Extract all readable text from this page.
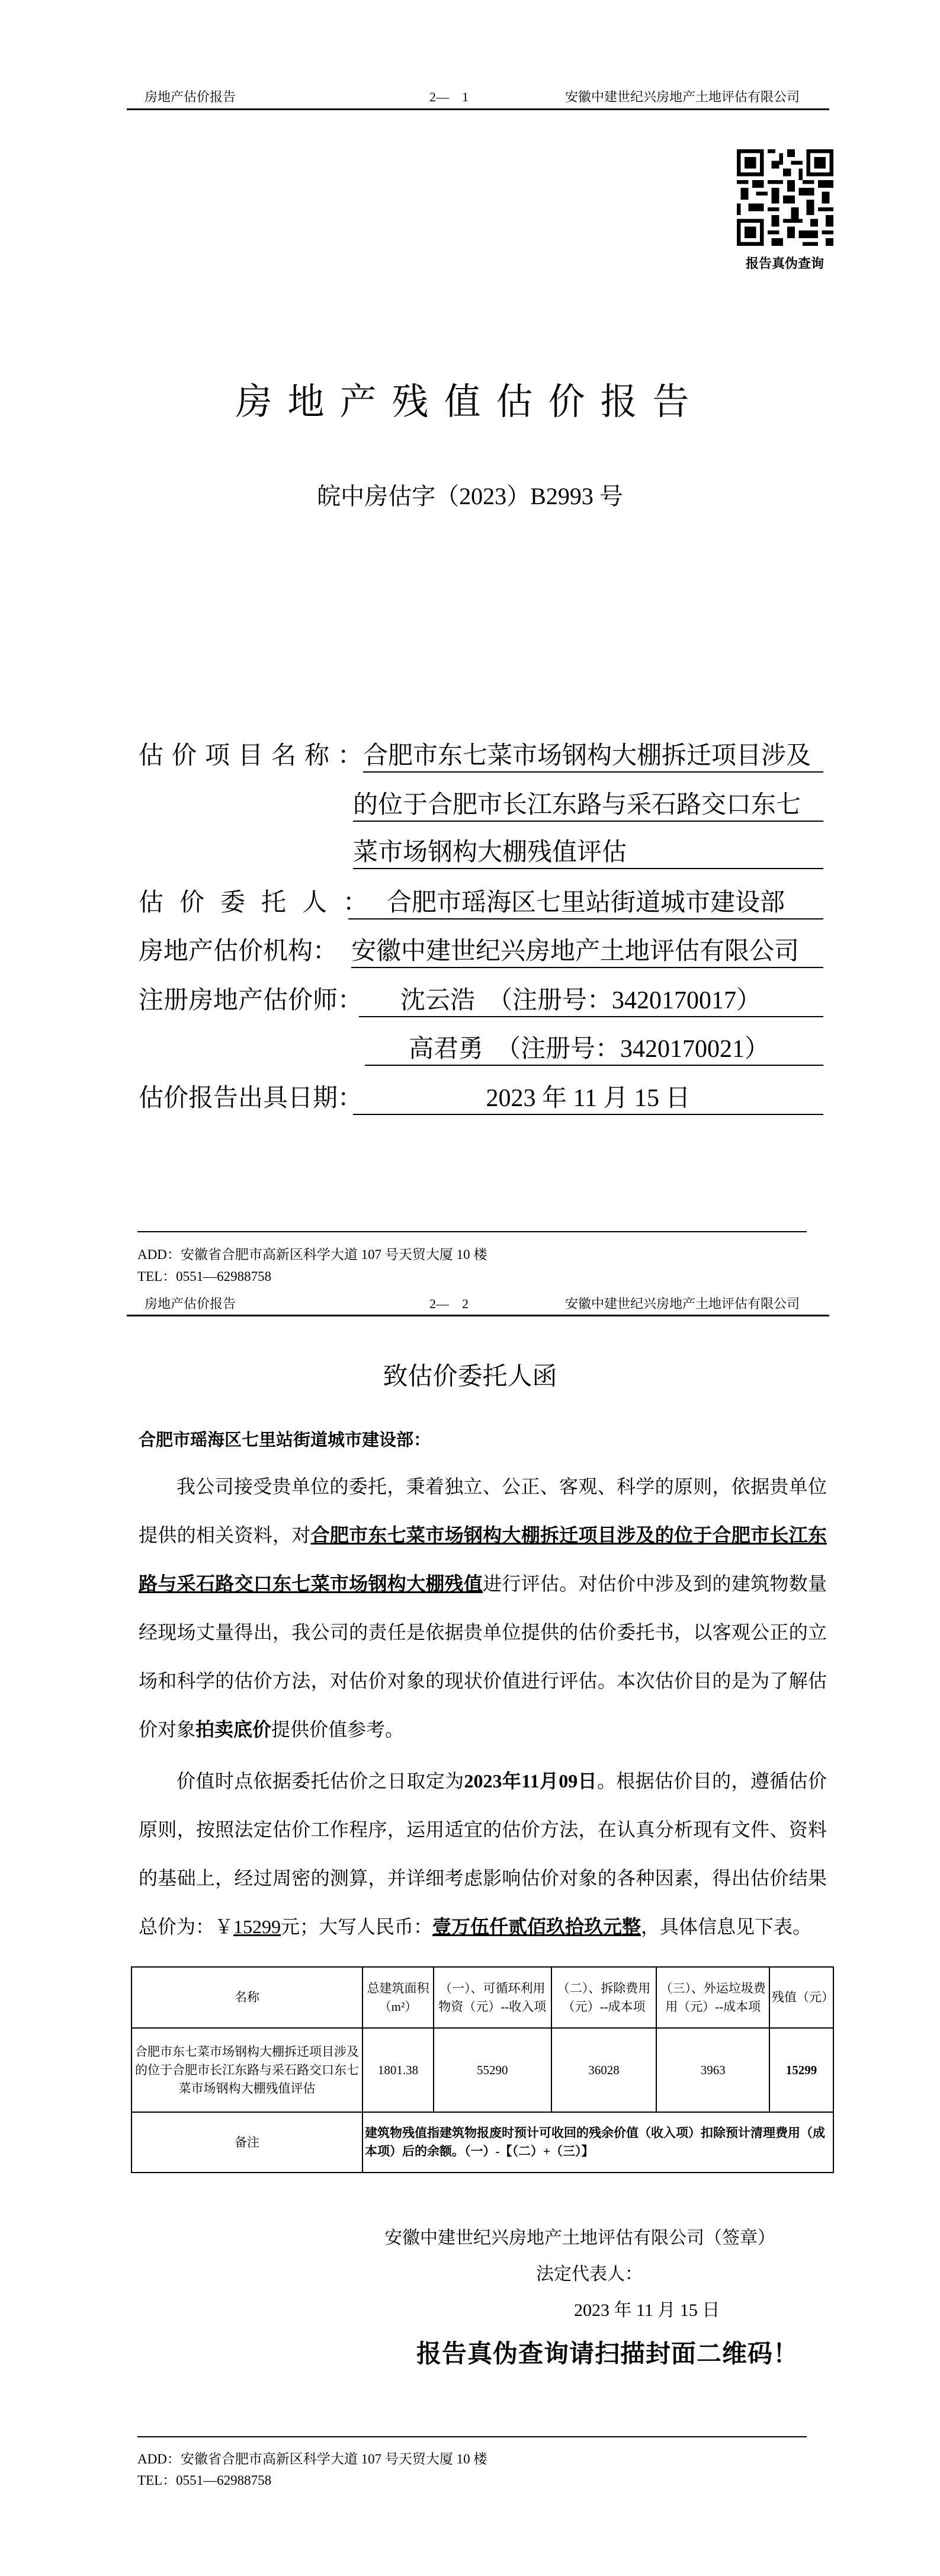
房地产估价报告	2—　1	安徽中建世纪兴房地产土地评估有限公司
报告真伪查询
房地产残值估价报告
皖中房估字（2023）B2993 号
估价项目名称：
合肥市东七菜市场钢构大棚拆迁项目涉及
的位于合肥市长江东路与采石路交口东七
菜市场钢构大棚残值评估
估价委托人： 合肥市瑶海区七里站街道城市建设部
房地产估价机构： 安徽中建世纪兴房地产土地评估有限公司
注册房地产估价师：	沈云浩　（注册号：3420170017）
高君勇　（注册号：3420170021）
估价报告出具日期：	2023 年 11 月 15 日
ADD：安徽省合肥市高新区科学大道 107 号天贸大厦 10 楼
TEL：0551—62988758
房地产估价报告	2—　2	安徽中建世纪兴房地产土地评估有限公司
致估价委托人函
合肥市瑶海区七里站街道城市建设部：
我公司接受贵单位的委托，秉着独立、公正、客观、科学的原则，依据贵单位提供的相关资料，对合肥市东七菜市场钢构大棚拆迁项目涉及的位于合肥市长江东路与采石路交口东七菜市场钢构大棚残值进行评估。对估价中涉及到的建筑物数量经现场丈量得出，我公司的责任是依据贵单位提供的估价委托书，以客观公正的立场和科学的估价方法，对估价对象的现状价值进行评估。本次估价目的是为了解估价对象拍卖底价提供价值参考。
价值时点依据委托估价之日取定为2023年11月09日。根据估价目的，遵循估价原则，按照法定估价工作程序，运用适宜的估价方法，在认真分析现有文件、资料的基础上，经过周密的测算，并详细考虑影响估价对象的各种因素，得出估价结果总价为：￥15299元；大写人民币：壹万伍仟贰佰玖拾玖元整，具体信息见下表。
名称	总建筑面积（m²）	（一）、可循环利用物资（元）--收入项	（二）、拆除费用（元）--成本项	（三）、外运垃圾费用（元）--成本项	残值（元）
合肥市东七菜市场钢构大棚拆迁项目涉及的位于合肥市长江东路与采石路交口东七菜市场钢构大棚残值评估	1801.38	55290	36028	3963	15299
备注	建筑物残值指建筑物报废时预计可收回的残余价值（收入项）扣除预计清理费用（成本项）后的余额。（一）-【（二）+（三）】				
安徽中建世纪兴房地产土地评估有限公司（签章）
法定代表人：
2023 年 11 月 15 日
报告真伪查询请扫描封面二维码！
ADD：安徽省合肥市高新区科学大道 107 号天贸大厦 10 楼
TEL：0551—62988758
